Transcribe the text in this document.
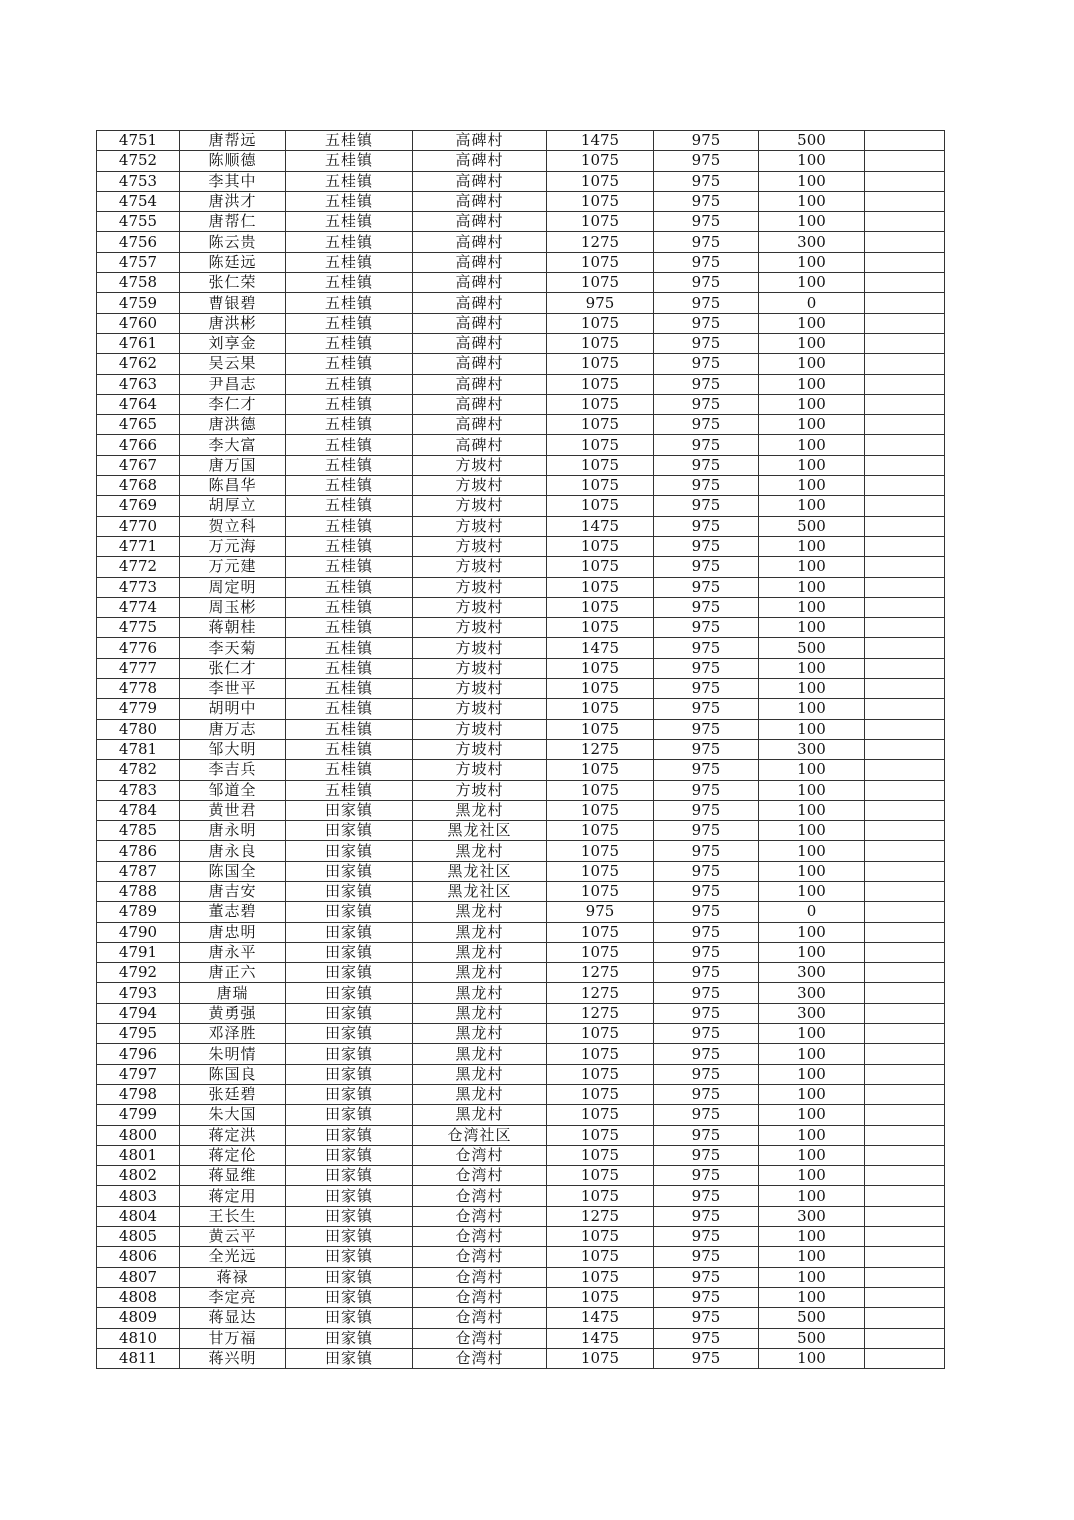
4751	唐帮远	五桂镇	高碑村	1475	975	500	
4752	陈顺德	五桂镇	高碑村	1075	975	100	
4753	李其中	五桂镇	高碑村	1075	975	100	
4754	唐洪才	五桂镇	高碑村	1075	975	100	
4755	唐帮仁	五桂镇	高碑村	1075	975	100	
4756	陈云贵	五桂镇	高碑村	1275	975	300	
4757	陈廷远	五桂镇	高碑村	1075	975	100	
4758	张仁荣	五桂镇	高碑村	1075	975	100	
4759	曹银碧	五桂镇	高碑村	975	975	0	
4760	唐洪彬	五桂镇	高碑村	1075	975	100	
4761	刘享金	五桂镇	高碑村	1075	975	100	
4762	吴云果	五桂镇	高碑村	1075	975	100	
4763	尹昌志	五桂镇	高碑村	1075	975	100	
4764	李仁才	五桂镇	高碑村	1075	975	100	
4765	唐洪德	五桂镇	高碑村	1075	975	100	
4766	李大富	五桂镇	高碑村	1075	975	100	
4767	唐万国	五桂镇	方坡村	1075	975	100	
4768	陈昌华	五桂镇	方坡村	1075	975	100	
4769	胡厚立	五桂镇	方坡村	1075	975	100	
4770	贺立科	五桂镇	方坡村	1475	975	500	
4771	万元海	五桂镇	方坡村	1075	975	100	
4772	万元建	五桂镇	方坡村	1075	975	100	
4773	周定明	五桂镇	方坡村	1075	975	100	
4774	周玉彬	五桂镇	方坡村	1075	975	100	
4775	蒋朝桂	五桂镇	方坡村	1075	975	100	
4776	李天菊	五桂镇	方坡村	1475	975	500	
4777	张仁才	五桂镇	方坡村	1075	975	100	
4778	李世平	五桂镇	方坡村	1075	975	100	
4779	胡明中	五桂镇	方坡村	1075	975	100	
4780	唐万志	五桂镇	方坡村	1075	975	100	
4781	邹大明	五桂镇	方坡村	1275	975	300	
4782	李吉兵	五桂镇	方坡村	1075	975	100	
4783	邹道全	五桂镇	方坡村	1075	975	100	
4784	黄世君	田家镇	黑龙村	1075	975	100	
4785	唐永明	田家镇	黑龙社区	1075	975	100	
4786	唐永良	田家镇	黑龙村	1075	975	100	
4787	陈国全	田家镇	黑龙社区	1075	975	100	
4788	唐吉安	田家镇	黑龙社区	1075	975	100	
4789	董志碧	田家镇	黑龙村	975	975	0	
4790	唐忠明	田家镇	黑龙村	1075	975	100	
4791	唐永平	田家镇	黑龙村	1075	975	100	
4792	唐正六	田家镇	黑龙村	1275	975	300	
4793	唐瑞	田家镇	黑龙村	1275	975	300	
4794	黄勇强	田家镇	黑龙村	1275	975	300	
4795	邓泽胜	田家镇	黑龙村	1075	975	100	
4796	朱明情	田家镇	黑龙村	1075	975	100	
4797	陈国良	田家镇	黑龙村	1075	975	100	
4798	张廷碧	田家镇	黑龙村	1075	975	100	
4799	朱大国	田家镇	黑龙村	1075	975	100	
4800	蒋定洪	田家镇	仓湾社区	1075	975	100	
4801	蒋定伦	田家镇	仓湾村	1075	975	100	
4802	蒋显维	田家镇	仓湾村	1075	975	100	
4803	蒋定用	田家镇	仓湾村	1075	975	100	
4804	王长生	田家镇	仓湾村	1275	975	300	
4805	黄云平	田家镇	仓湾村	1075	975	100	
4806	全光远	田家镇	仓湾村	1075	975	100	
4807	蒋禄	田家镇	仓湾村	1075	975	100	
4808	李定亮	田家镇	仓湾村	1075	975	100	
4809	蒋显达	田家镇	仓湾村	1475	975	500	
4810	甘万福	田家镇	仓湾村	1475	975	500	
4811	蒋兴明	田家镇	仓湾村	1075	975	100	
